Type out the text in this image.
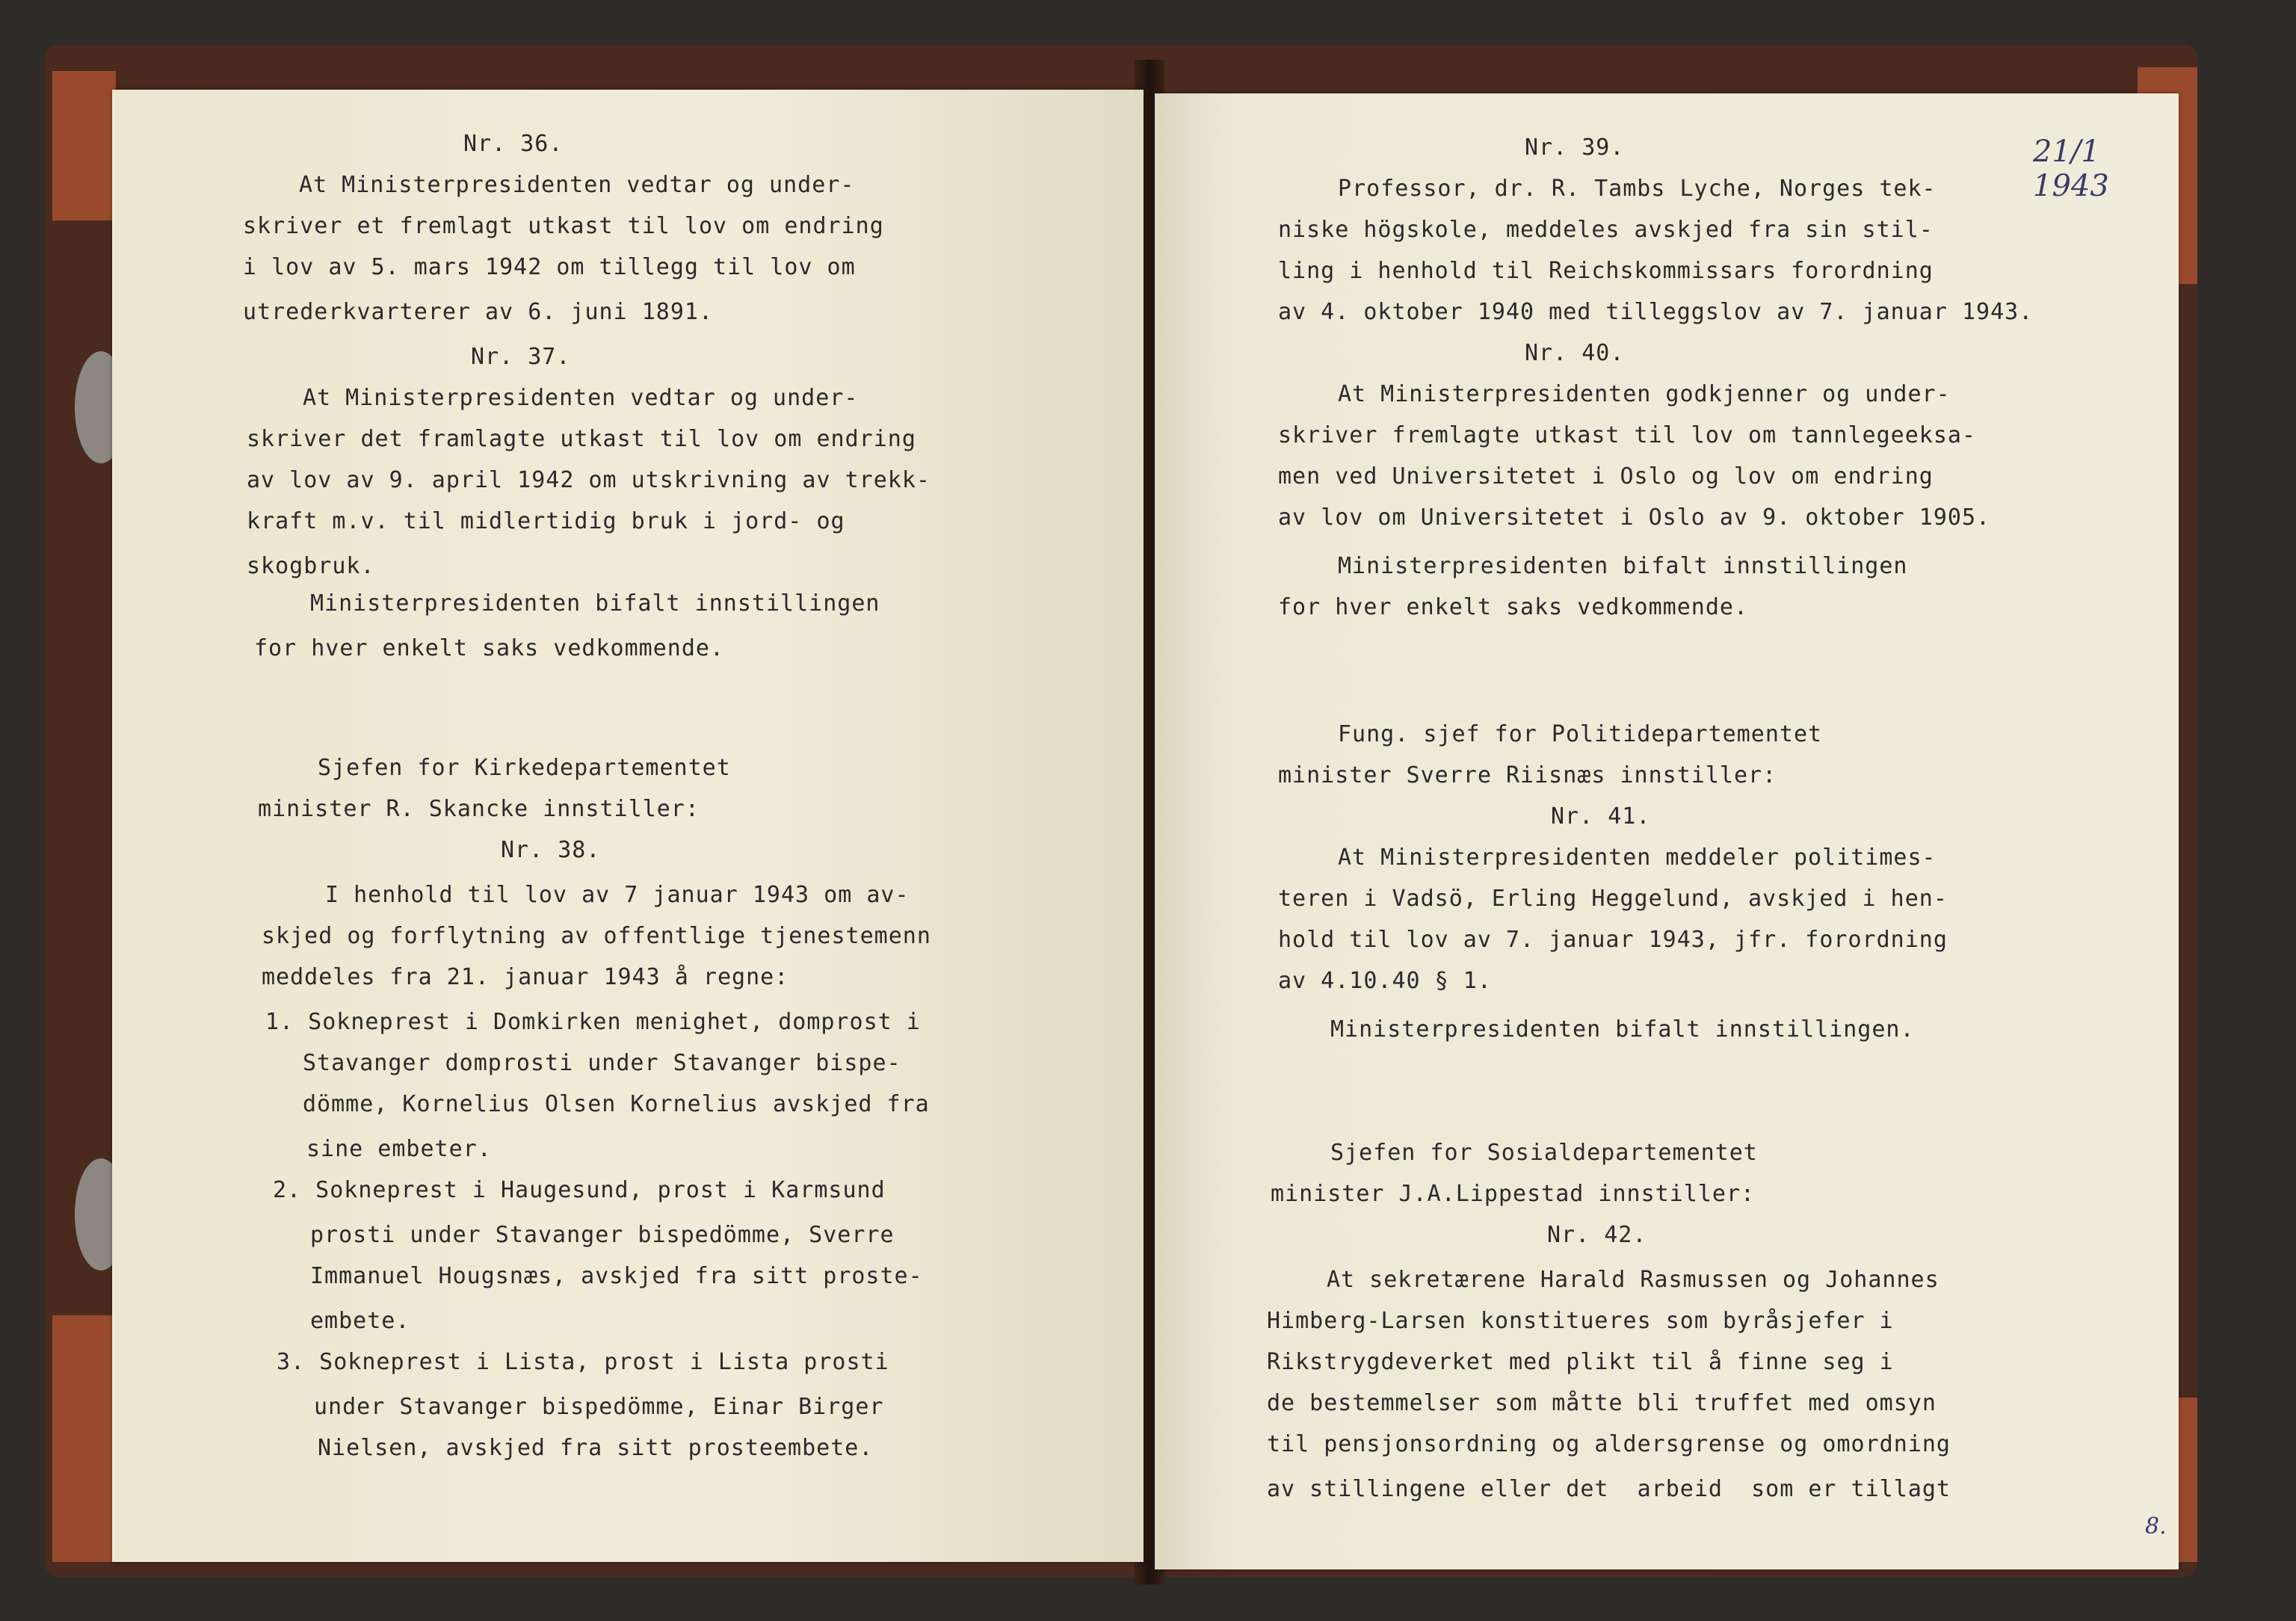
Nr. 36.
At Ministerpresidenten vedtar og under-
skriver et fremlagt utkast til lov om endring
i lov av 5. mars 1942 om tillegg til lov om
utrederkvarterer av 6. juni 1891.
Nr. 37.
At Ministerpresidenten vedtar og under-
skriver det framlagte utkast til lov om endring
av lov av 9. april 1942 om utskrivning av trekk-
kraft m.v. til midlertidig bruk i jord- og
skogbruk.
Ministerpresidenten bifalt innstillingen
for hver enkelt saks vedkommende.
Sjefen for Kirkedepartementet
minister R. Skancke innstiller:
Nr. 38.
I henhold til lov av 7 januar 1943 om av-
skjed og forflytning av offentlige tjenestemenn
meddeles fra 21. januar 1943 å regne:
1. Sokneprest i Domkirken menighet, domprost i
Stavanger domprosti under Stavanger bispe-
dömme, Kornelius Olsen Kornelius avskjed fra
sine embeter.
2. Sokneprest i Haugesund, prost i Karmsund
prosti under Stavanger bispedömme, Sverre
Immanuel Hougsnæs, avskjed fra sitt proste-
embete.
3. Sokneprest i Lista, prost i Lista prosti
under Stavanger bispedömme, Einar Birger
Nielsen, avskjed fra sitt prosteembete.
21/1 1943
Nr. 39.
Professor, dr. R. Tambs Lyche, Norges tek-
niske högskole, meddeles avskjed fra sin stil-
ling i henhold til Reichskommissars forordning
av 4. oktober 1940 med tilleggslov av 7. januar 1943.
Nr. 40.
At Ministerpresidenten godkjenner og under-
skriver fremlagte utkast til lov om tannlegeeksa-
men ved Universitetet i Oslo og lov om endring
av lov om Universitetet i Oslo av 9. oktober 1905.
Ministerpresidenten bifalt innstillingen
for hver enkelt saks vedkommende.
Fung. sjef for Politidepartementet
minister Sverre Riisnæs innstiller:
Nr. 41.
At Ministerpresidenten meddeler politimes-
teren i Vadsö, Erling Heggelund, avskjed i hen-
hold til lov av 7. januar 1943, jfr. forordning
av 4.10.40 § 1.
Ministerpresidenten bifalt innstillingen.
Sjefen for Sosialdepartementet
minister J.A.Lippestad innstiller:
Nr. 42.
At sekretærene Harald Rasmussen og Johannes
Himberg-Larsen konstitueres som byråsjefer i
Rikstrygdeverket med plikt til å finne seg i
de bestemmelser som måtte bli truffet med omsyn
til pensjonsordning og aldersgrense og omordning
av stillingene eller det  arbeid  som er tillagt
8.
